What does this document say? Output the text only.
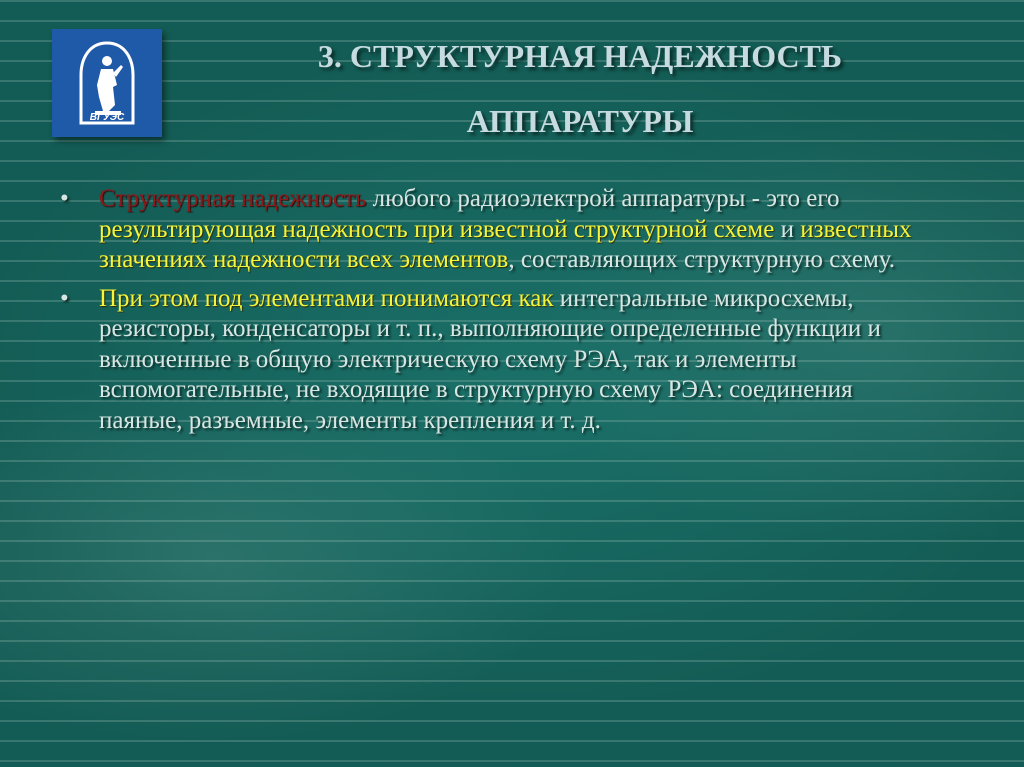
ВГУЭС
3. СТРУКТУРНАЯ НАДЕЖНОСТЬ
АППАРАТУРЫ
• Структурная надежность любого радиоэлектрой аппаратуры - это его результирующая надежность при известной структурной схеме и известных значениях надежности всех элементов, составляющих структурную схему.
• При этом под элементами понимаются как интегральные микросхемы, резисторы, конденсаторы и т. п., выполняющие определенные функции и включенные в общую электрическую схему РЭА, так и элементы вспомогательные, не входящие в структурную схему РЭА: соединения паяные, разъемные, элементы крепления и т. д.
